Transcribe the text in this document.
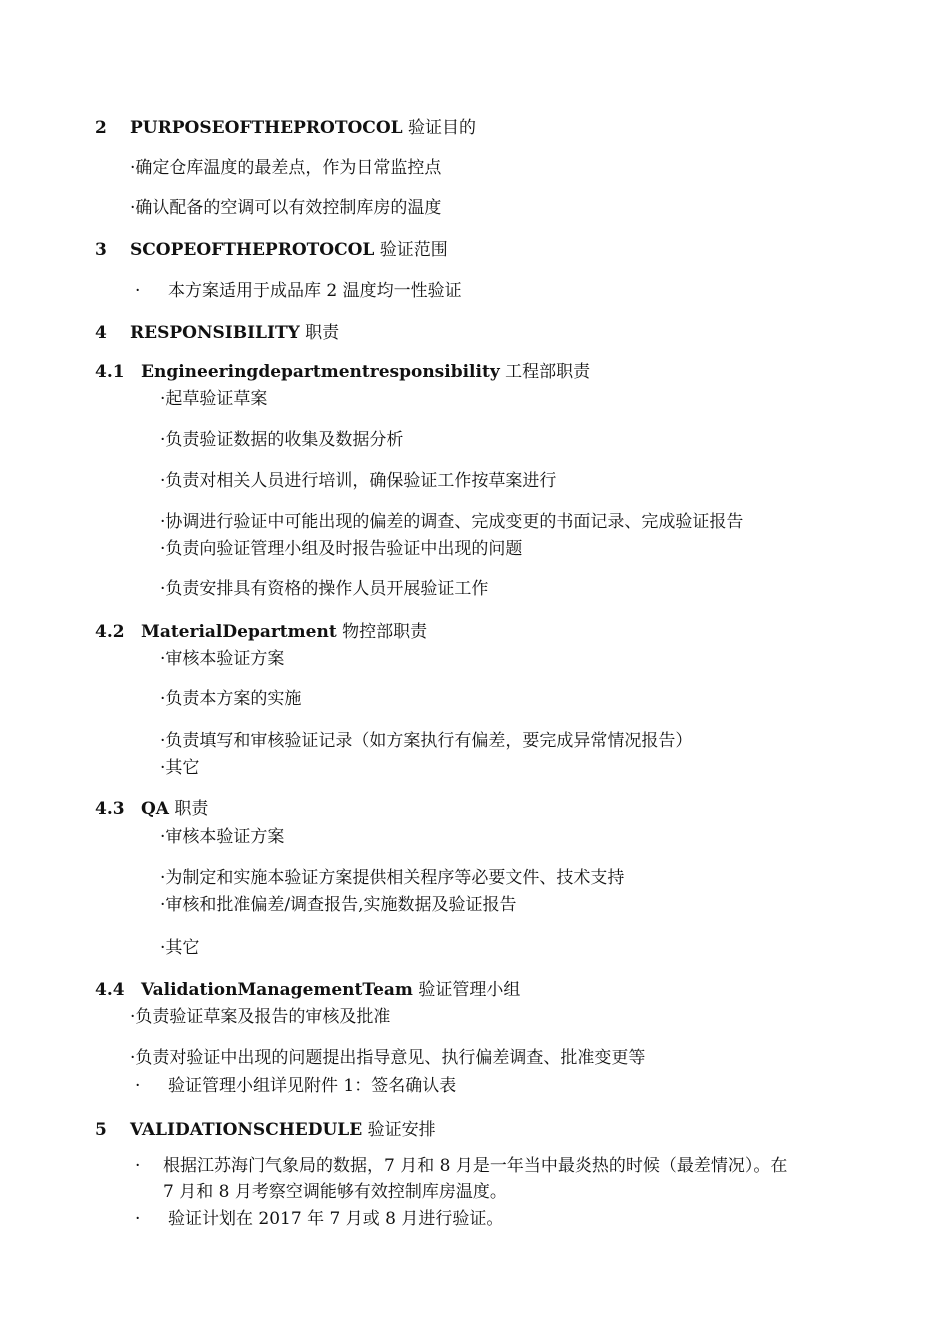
2 PURPOSEOFTHEPROTOCOL 验证目的
·确定仓库温度的最差点，作为日常监控点
·确认配备的空调可以有效控制库房的温度
3 SCOPEOFTHEPROTOCOL 验证范围
· 本方案适用于成品库 2 温度均一性验证
4 RESPONSIBILITY 职责
4.1 Engineeringdepartmentresponsibility 工程部职责
·起草验证草案
·负责验证数据的收集及数据分析
·负责对相关人员进行培训，确保验证工作按草案进行
·协调进行验证中可能出现的偏差的调查、完成变更的书面记录、完成验证报告
·负责向验证管理小组及时报告验证中出现的问题
·负责安排具有资格的操作人员开展验证工作
4.2 MaterialDepartment 物控部职责
·审核本验证方案
·负责本方案的实施
·负责填写和审核验证记录（如方案执行有偏差，要完成异常情况报告）
·其它
4.3 QA 职责
·审核本验证方案
·为制定和实施本验证方案提供相关程序等必要文件、技术支持
·审核和批准偏差/调查报告,实施数据及验证报告
·其它
4.4 ValidationManagementTeam 验证管理小组
·负责验证草案及报告的审核及批准
·负责对验证中出现的问题提出指导意见、执行偏差调查、批准变更等
· 验证管理小组详见附件 1：签名确认表
5 VALIDATIONSCHEDULE 验证安排
· 根据江苏海门气象局的数据，7 月和 8 月是一年当中最炎热的时候（最差情况）。在
7 月和 8 月考察空调能够有效控制库房温度。
· 验证计划在 2017 年 7 月或 8 月进行验证。
